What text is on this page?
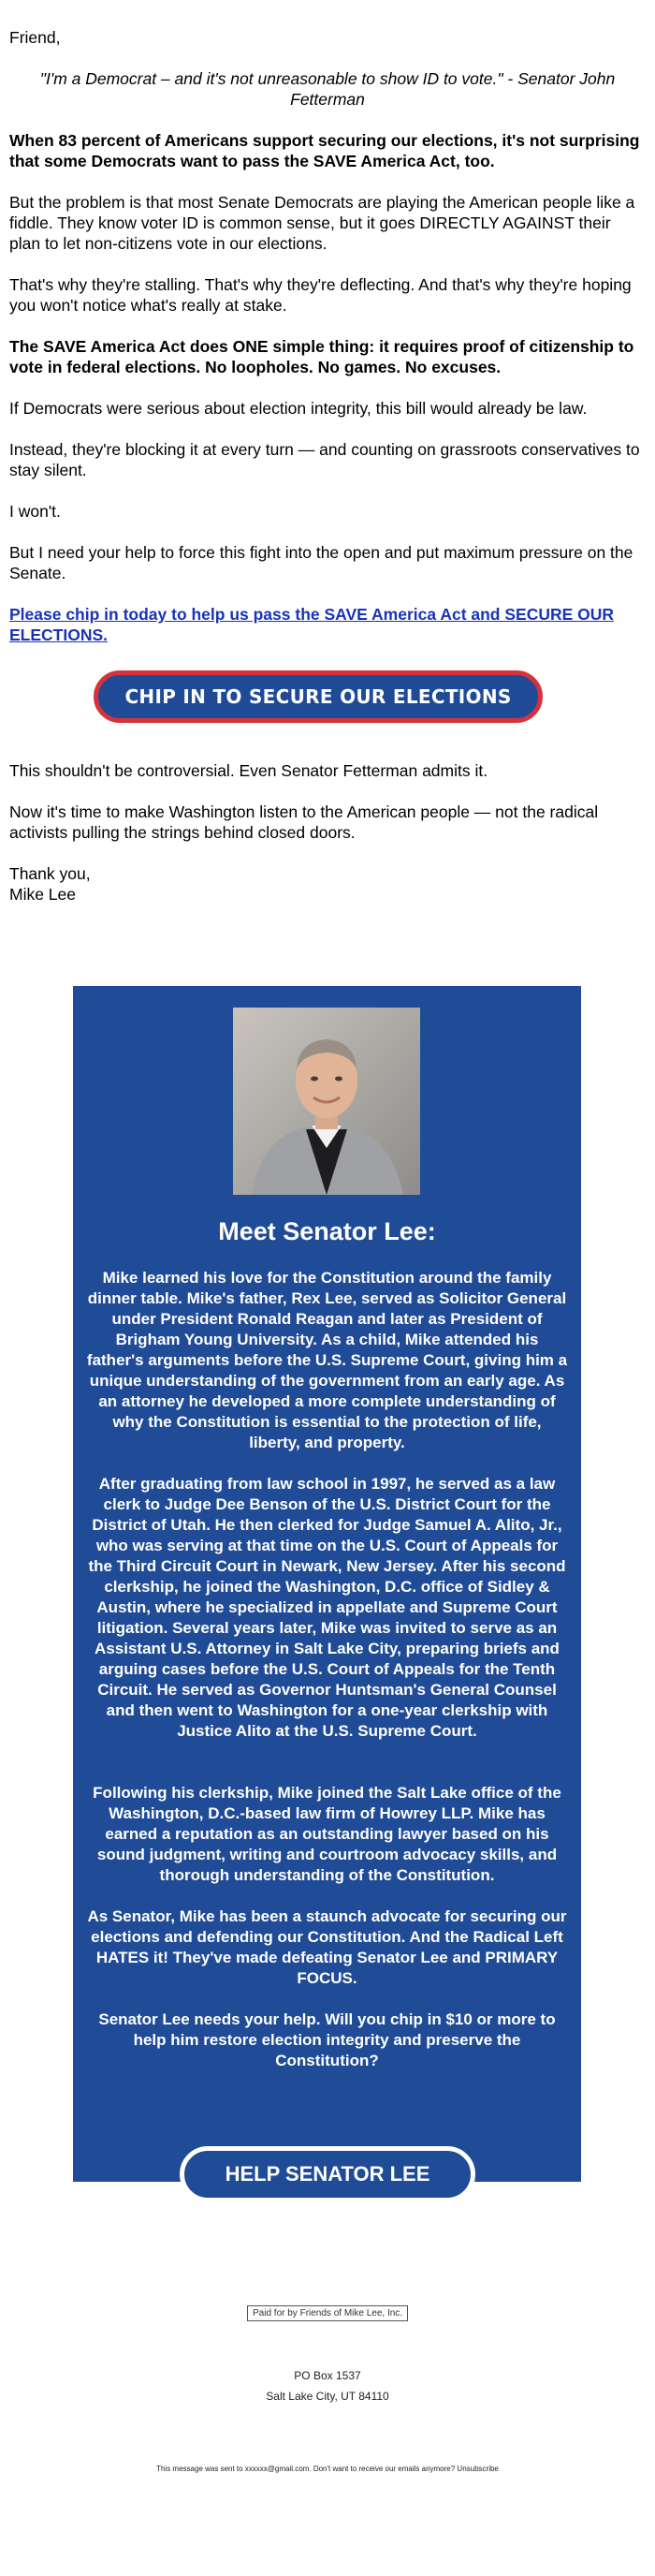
Friend,

"I'm a Democrat – and it's not unreasonable to show ID to vote." - Senator John Fetterman

When 83 percent of Americans support securing our elections, it's not surprising that some Democrats want to pass the SAVE America Act, too.

But the problem is that most Senate Democrats are playing the American people like a fiddle. They know voter ID is common sense, but it goes DIRECTLY AGAINST their plan to let non-citizens vote in our elections.

That's why they're stalling. That's why they're deflecting. And that's why they're hoping you won't notice what's really at stake.

The SAVE America Act does ONE simple thing: it requires proof of citizenship to vote in federal elections. No loopholes. No games. No excuses.

If Democrats were serious about election integrity, this bill would already be law.

Instead, they're blocking it at every turn — and counting on grassroots conservatives to stay silent.

I won't.

But I need your help to force this fight into the open and put maximum pressure on the Senate.

Please chip in today to help us pass the SAVE America Act and SECURE OUR ELECTIONS.

CHIP IN TO SECURE OUR ELECTIONS

This shouldn't be controversial. Even Senator Fetterman admits it.

Now it's time to make Washington listen to the American people — not the radical activists pulling the strings behind closed doors.

Thank you,

Mike Lee

Meet Senator Lee:

Mike learned his love for the Constitution around the family dinner table. Mike's father, Rex Lee, served as Solicitor General under President Ronald Reagan and later as President of Brigham Young University. As a child, Mike attended his father's arguments before the U.S. Supreme Court, giving him a unique understanding of the government from an early age. As an attorney he developed a more complete understanding of why the Constitution is essential to the protection of life, liberty, and property.

After graduating from law school in 1997, he served as a law clerk to Judge Dee Benson of the U.S. District Court for the District of Utah. He then clerked for Judge Samuel A. Alito, Jr., who was serving at that time on the U.S. Court of Appeals for the Third Circuit Court in Newark, New Jersey. After his second clerkship, he joined the Washington, D.C. office of Sidley & Austin, where he specialized in appellate and Supreme Court litigation. Several years later, Mike was invited to serve as an Assistant U.S. Attorney in Salt Lake City, preparing briefs and arguing cases before the U.S. Court of Appeals for the Tenth Circuit. He served as Governor Huntsman's General Counsel and then went to Washington for a one-year clerkship with Justice Alito at the U.S. Supreme Court.

Following his clerkship, Mike joined the Salt Lake office of the Washington, D.C.-based law firm of Howrey LLP. Mike has earned a reputation as an outstanding lawyer based on his sound judgment, writing and courtroom advocacy skills, and thorough understanding of the Constitution.

As Senator, Mike has been a staunch advocate for securing our elections and defending our Constitution. And the Radical Left HATES it! They've made defeating Senator Lee and PRIMARY FOCUS.

Senator Lee needs your help. Will you chip in $10 or more to help him restore election integrity and preserve the Constitution?

HELP SENATOR LEE
Paid for by Friends of Mike Lee, Inc.
PO Box 1537
Salt Lake City, UT 84110
This message was sent to xxxxxx@gmail.com. Don't want to receive our emails anymore? Unsubscribe
